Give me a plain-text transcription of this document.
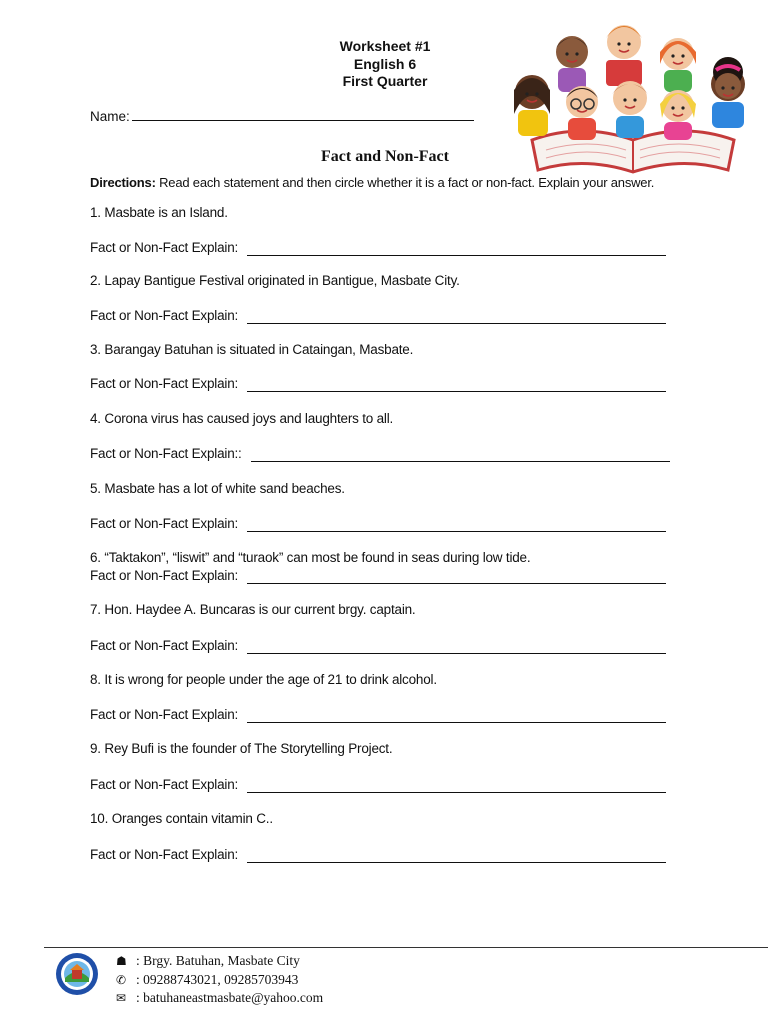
Worksheet #1
English 6
First Quarter
Name:
Fact and Non-Fact
Directions: Read each statement and then circle whether it is a fact or non-fact. Explain your answer.
1. Masbate is an Island.
Fact or Non-Fact Explain:
2. Lapay Bantigue Festival originated in Bantigue, Masbate City.
Fact or Non-Fact Explain:
3. Barangay Batuhan is situated in Cataingan, Masbate.
Fact or Non-Fact Explain:
4. Corona virus has caused joys and laughters to all.
Fact or Non-Fact Explain::
5. Masbate has a lot of white sand beaches.
Fact or Non-Fact Explain:
6. “Taktakon”, “liswit” and “turaok” can most be found in seas during low tide.
Fact or Non-Fact Explain:
7. Hon. Haydee A. Buncaras is our current brgy. captain.
Fact or Non-Fact Explain:
8. It is wrong for people under the age of 21 to drink alcohol.
Fact or Non-Fact Explain:
9. Rey Bufi is the founder of The Storytelling Project.
Fact or Non-Fact Explain:
10. Oranges contain vitamin C..
Fact or Non-Fact Explain:
☗ : Brgy. Batuhan, Masbate City
✆ : 09288743021, 09285703943
✉ : batuhaneastmasbate@yahoo.com
